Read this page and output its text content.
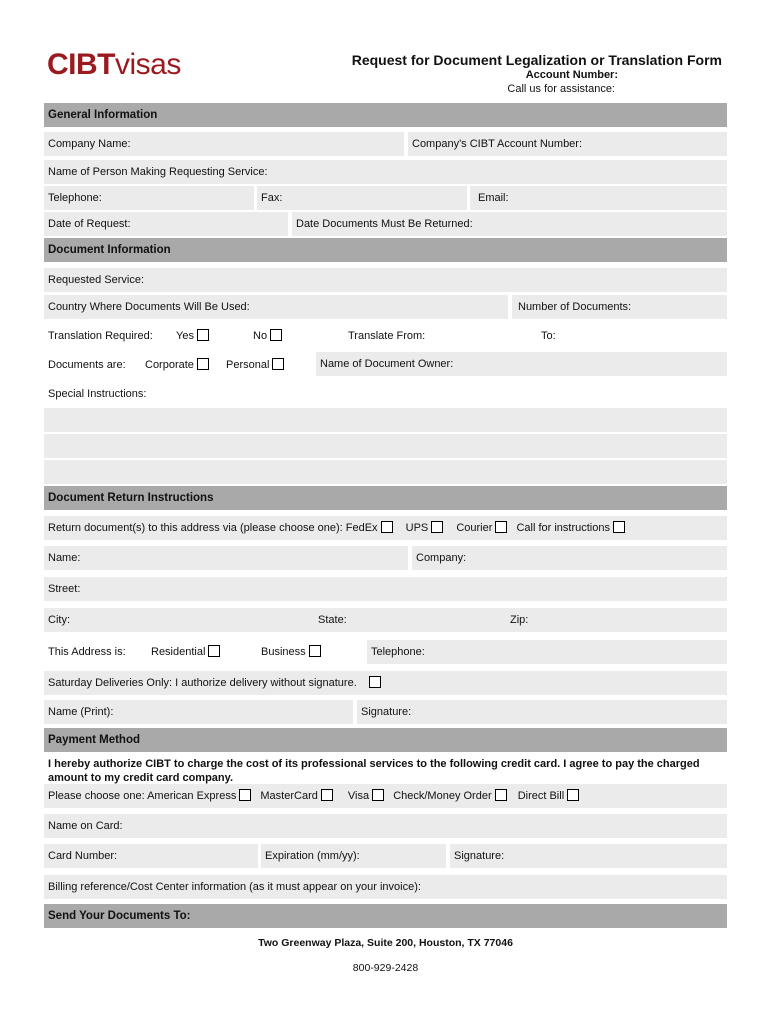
CIBTvisas	Request for Document Legalization or Translation Form
Account Number:
Call us for assistance:
General Information
Company Name:	Company's CIBT Account Number:
Name of Person Making Requesting Service:
Telephone:	Fax:	Email:
Date of Request:	Date Documents Must Be Returned:
Document Information
Requested Service:
Country Where Documents Will Be Used:	Number of Documents:
Translation Required: Yes	No	Translate From:	To:
Documents are: Corporate	Personal	Name of Document Owner:
Special Instructions:
Document Return Instructions
Return document(s) to this address via (please choose one): FedEx	UPS	Courier Call for instructions
Name:	Company:
Street:
City:	State:	Zip:
This Address is: Residential	Business	Telephone:
Saturday Deliveries Only: I authorize delivery without signature.
Name (Print):	Signature:
Payment Method
I hereby authorize CIBT to charge the cost of its professional services to the following credit card. I agree to pay the charged amount to my credit card company.
Please choose one: American Express MasterCard	Visa Check/Money Order Direct Bill
Name on Card:
Card Number:	Expiration (mm/yy):	Signature:
Billing reference/Cost Center information (as it must appear on your invoice):
Send Your Documents To:
Two Greenway Plaza, Suite 200, Houston, TX 77046
800-929-2428
